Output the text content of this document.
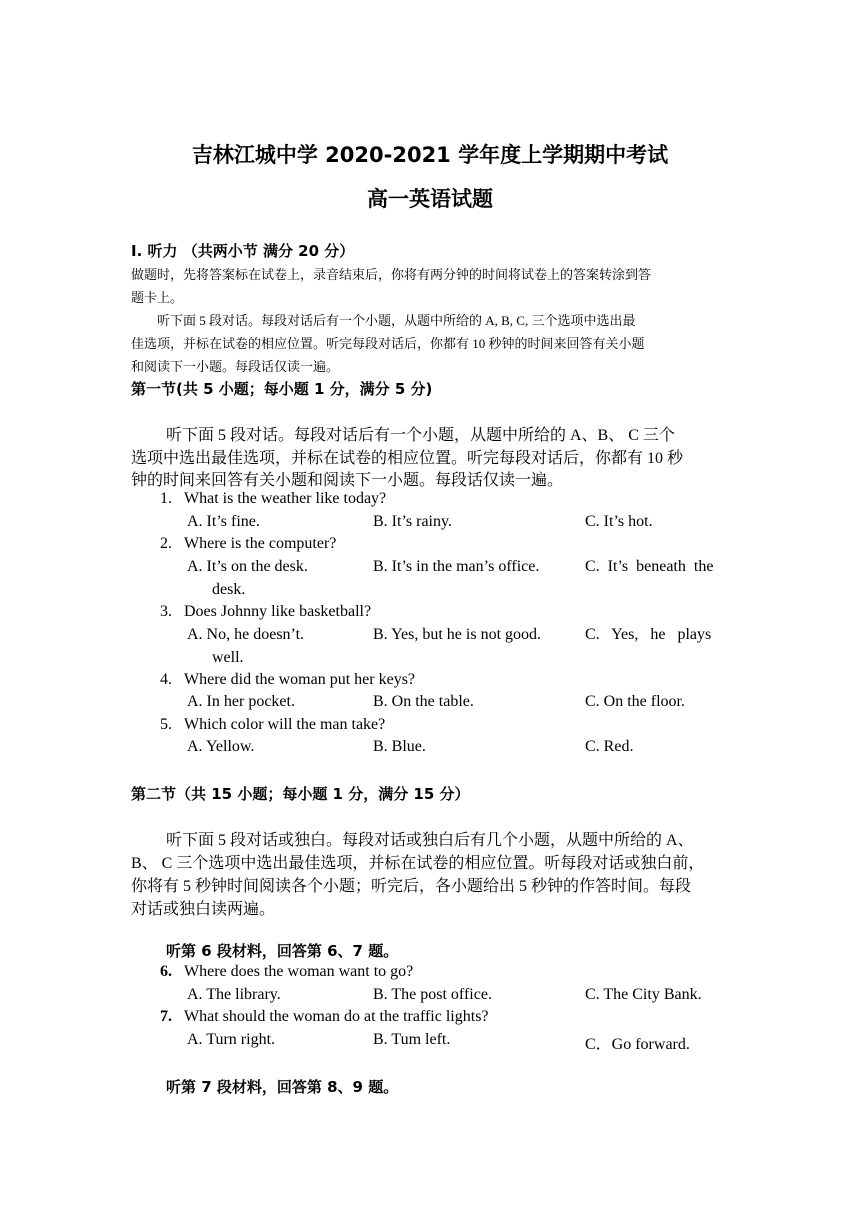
吉林江城中学 2020-2021 学年度上学期期中考试
高一英语试题
I. 听力 （共两小节 满分 20 分）
做题时，先将答案标在试卷上，录音结束后，你将有两分钟的时间将试卷上的答案转涂到答
题卡上。
听下面 5 段对话。每段对话后有一个小题，从题中所给的 A, B, C, 三个选项中选出最
佳选项，并标在试卷的相应位置。听完每段对话后，你都有 10 秒钟的时间来回答有关小题
和阅读下一小题。每段话仅读一遍。
第一节(共 5 小题；每小题 1 分，满分 5 分)
听下面 5 段对话。每段对话后有一个小题，从题中所给的 A、B、 C 三个
选项中选出最佳选项，并标在试卷的相应位置。听完每段对话后，你都有 10 秒
钟的时间来回答有关小题和阅读下一小题。每段话仅读一遍。
1. What is the weather like today?
A. It’s fine.	B. It’s rainy.	C. It’s hot.
2. Where is the computer?
A. It’s on the desk.	B. It’s in the man’s office.	C.  It’s  beneath  the
desk.
3. Does Johnny like basketball?
A. No, he doesn’t.	B. Yes, but he is not good.	C.   Yes,   he   plays
well.
4. Where did the woman put her keys?
A. In her pocket.	B. On the table.	C. On the floor.
5. Which color will the man take?
A. Yellow.	B. Blue.	C. Red.
第二节（共 15 小题；每小题 1 分，满分 15 分）
听下面 5 段对话或独白。每段对话或独白后有几个小题，从题中所给的 A、
B、 C 三个选项中选出最佳选项，并标在试卷的相应位置。听每段对话或独白前，
你将有 5 秒钟时间阅读各个小题；听完后，各小题给出 5 秒钟的作答时间。每段
对话或独白读两遍。
听第 6 段材料，回答第 6、7 题。
6. Where does the woman want to go?
A. The library.	B. The post office.	C. The City Bank.
7. What should the woman do at the traffic lights?
A. Turn right.	B. Tum left.	C．Go forward.
听第 7 段材料，回答第 8、9 题。
